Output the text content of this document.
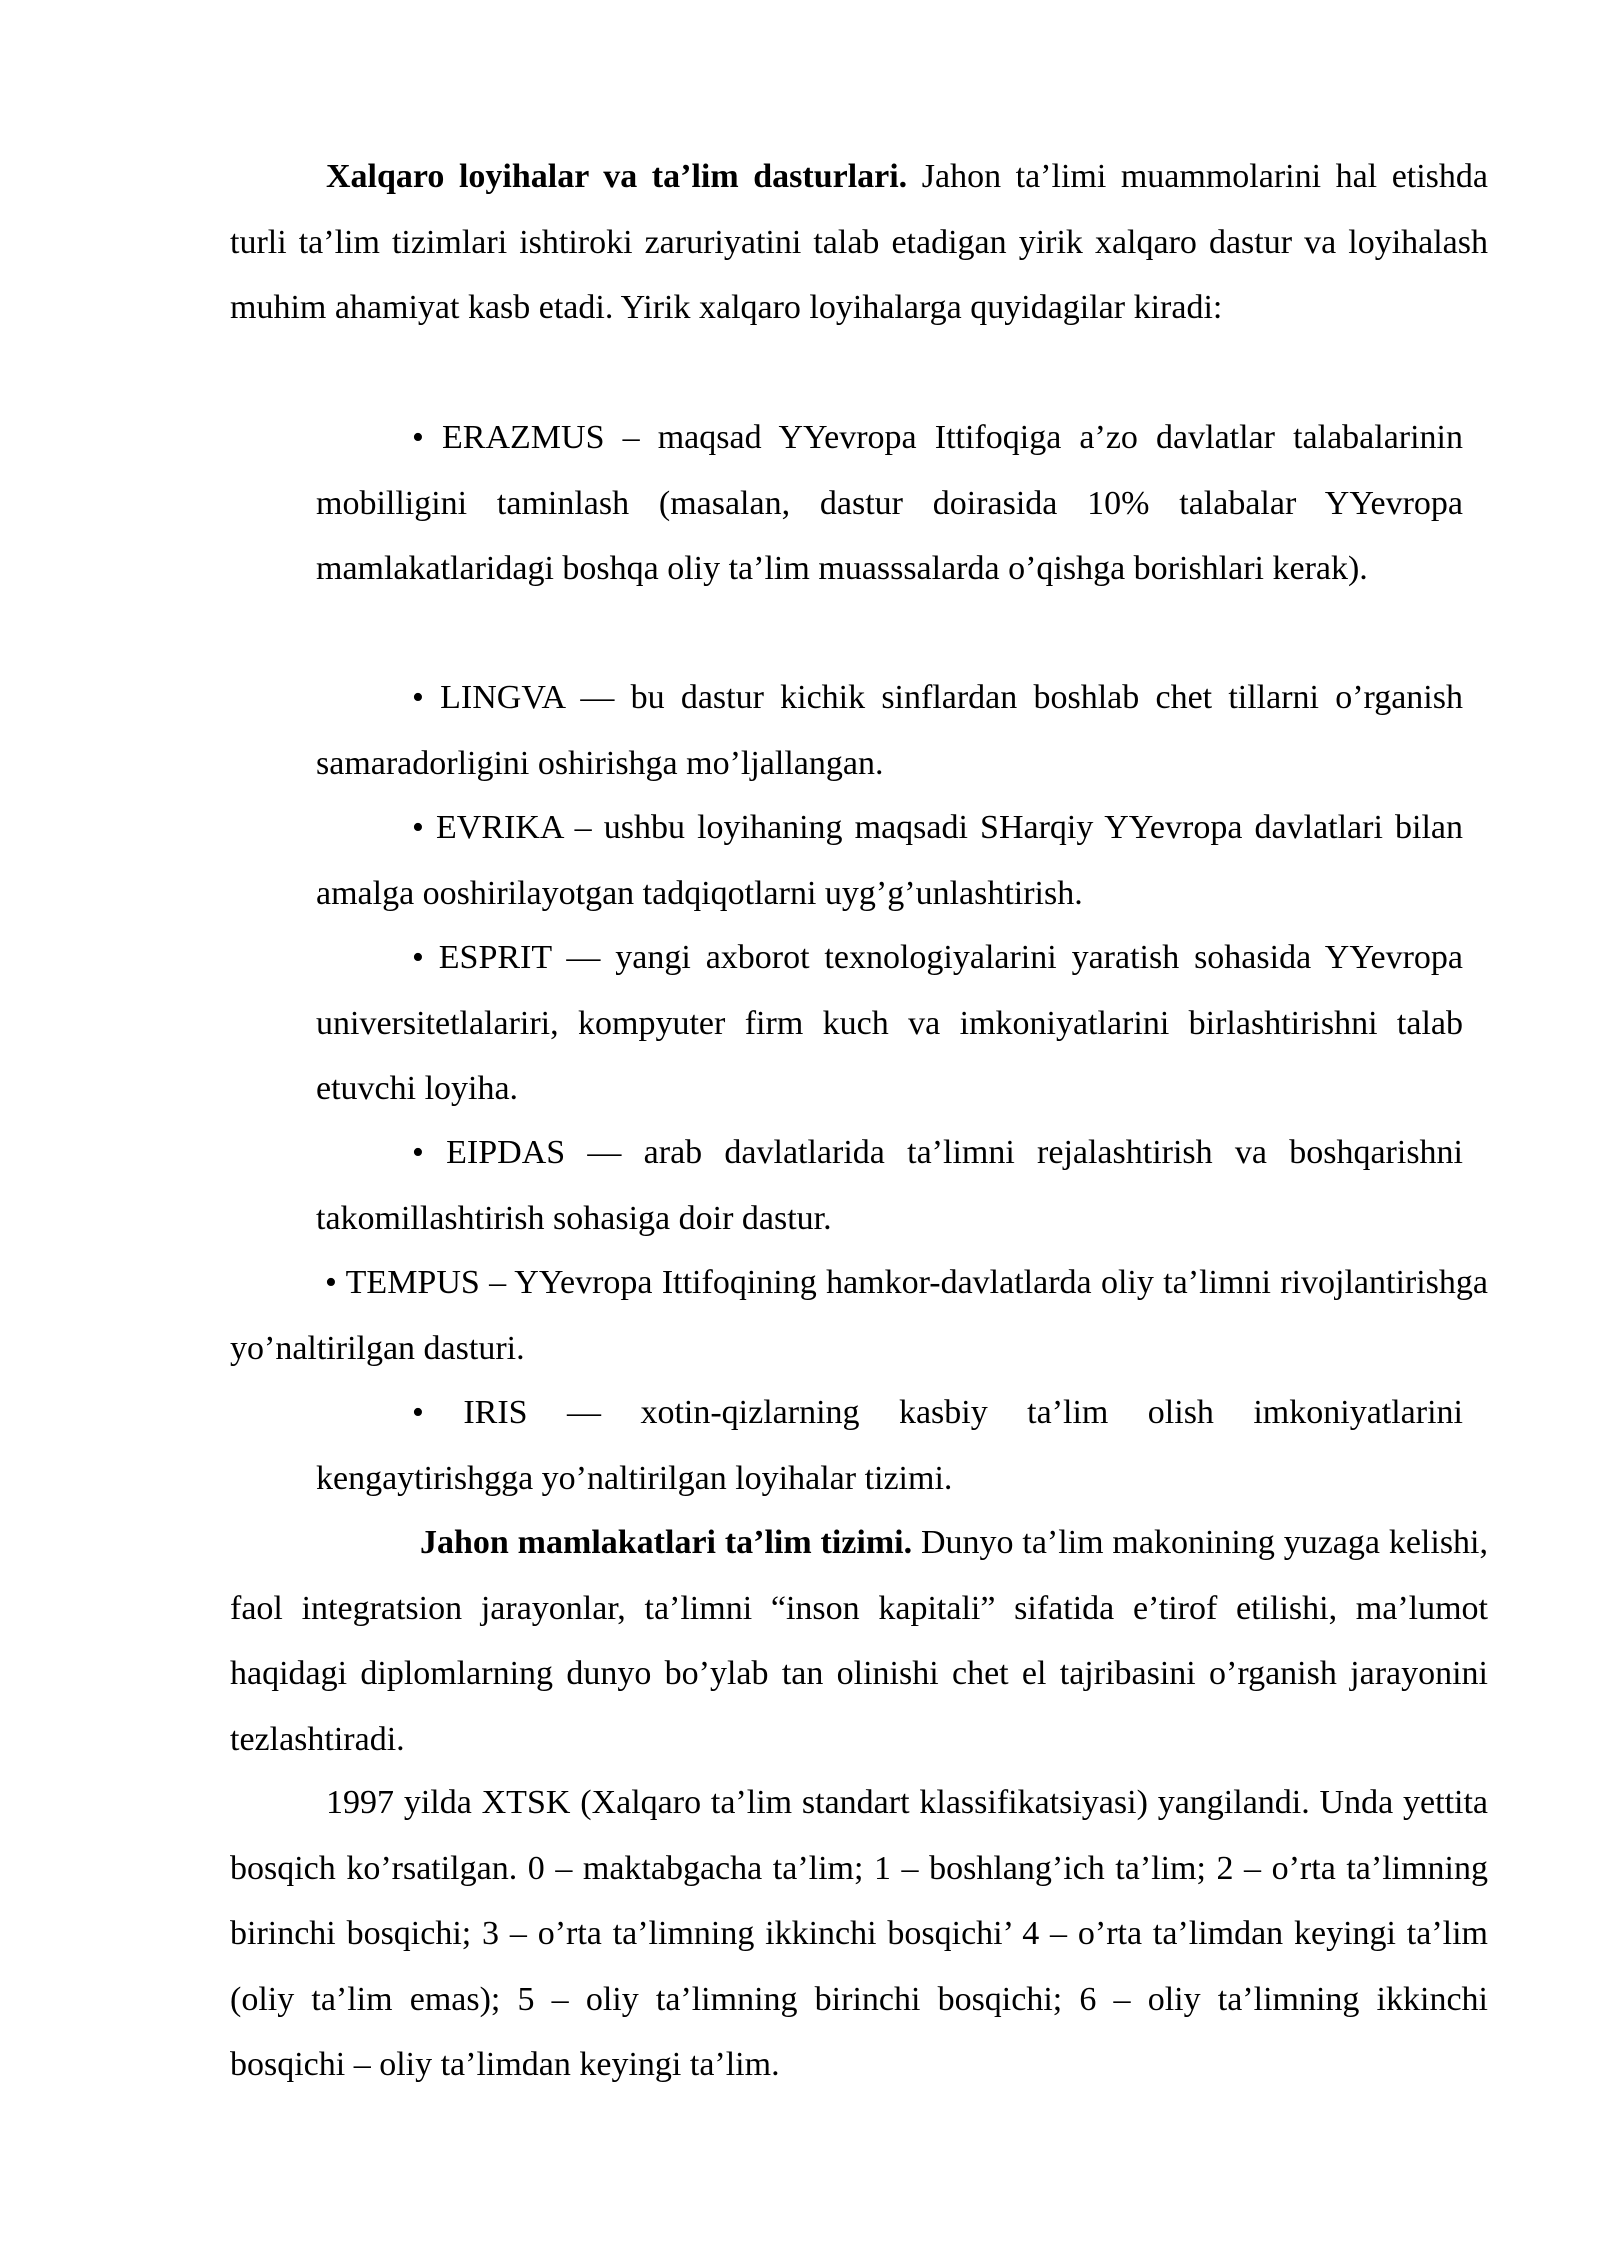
Xalqaro loyihalar va ta’lim dasturlari. Jahon ta’limi muammolarini hal etishda turli ta’lim tizimlari ishtiroki zaruriyatini talab etadigan yirik xalqaro dastur va loyihalash muhim ahamiyat kasb etadi. Yirik xalqaro loyihalarga quyidagilar kiradi:

• ERAZMUS – maqsad YYevropa Ittifoqiga a’zo davlatlar talabalarinin mobilligini taminlash (masalan, dastur doirasida 10% talabalar YYevropa mamlakatlaridagi boshqa oliy ta’lim muasssalarda o’qishga borishlari kerak).

• LINGVA — bu dastur kichik sinflardan boshlab chet tillarni o’rganish samaradorligini oshirishga mo’ljallangan.

• EVRIKA – ushbu loyihaning maqsadi SHarqiy YYevropa davlatlari bilan amalga ooshirilayotgan tadqiqotlarni uyg’g’unlashtirish.

• ESPRIT — yangi axborot texnologiyalarini yaratish sohasida YYevropa universitetlalariri, kompyuter firm kuch va imkoniyatlarini birlashtirishni talab etuvchi loyiha.

• EIPDAS — arab davlatlarida ta’limni rejalashtirish va boshqarishni takomillashtirish sohasiga doir dastur.

• TEMPUS – YYevropa Ittifoqining hamkor-davlatlarda oliy ta’limni rivojlantirishga yo’naltirilgan dasturi.

• IRIS — xotin-qizlarning kasbiy ta’lim olish imkoniyatlarini kengaytirishgga yo’naltirilgan loyihalar tizimi.

Jahon mamlakatlari ta’lim tizimi. Dunyo ta’lim makonining yuzaga kelishi, faol integratsion jarayonlar, ta’limni “inson kapitali” sifatida e’tirof etilishi, ma’lumot haqidagi diplomlarning dunyo bo’ylab tan olinishi chet el tajribasini o’rganish jarayonini tezlashtiradi.

1997 yilda XTSK (Xalqaro ta’lim standart klassifikatsiyasi) yangilandi. Unda yettita bosqich ko’rsatilgan. 0 – maktabgacha ta’lim; 1 – boshlang’ich ta’lim; 2 – o’rta ta’limning birinchi bosqichi; 3 – o’rta ta’limning ikkinchi bosqichi’ 4 – o’rta ta’limdan keyingi ta’lim (oliy ta’lim emas); 5 – oliy ta’limning birinchi bosqichi; 6 – oliy ta’limning ikkinchi bosqichi – oliy ta’limdan keyingi ta’lim.
